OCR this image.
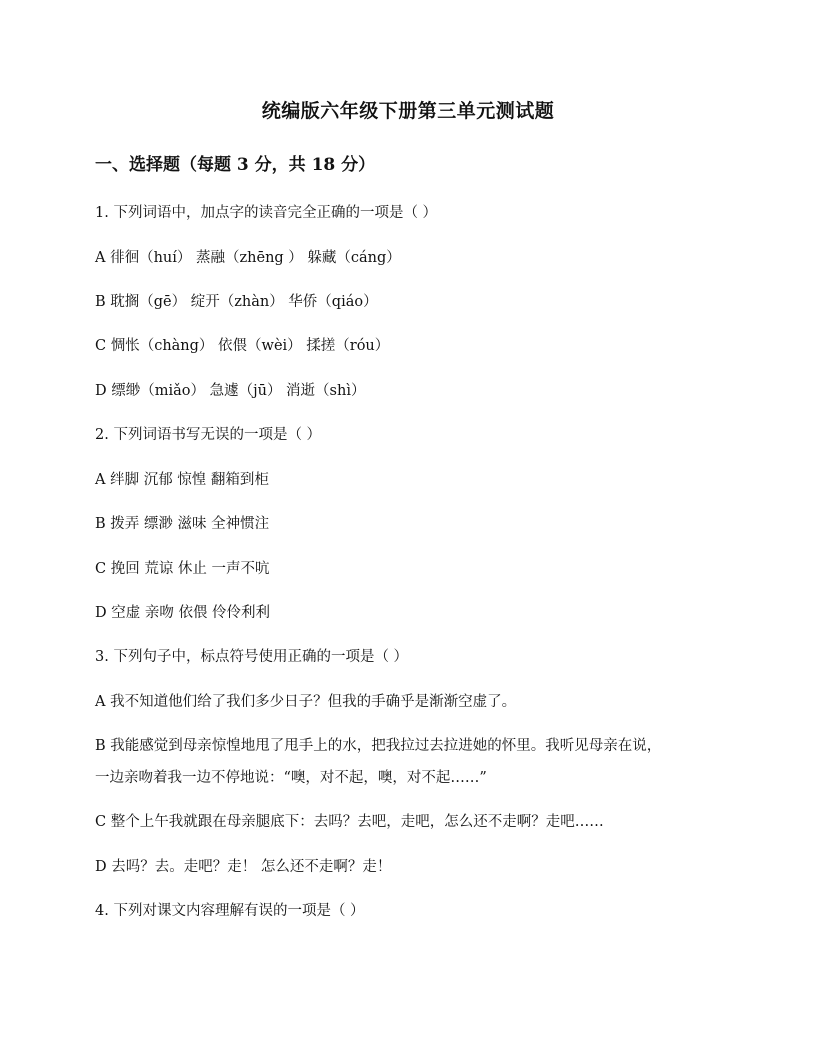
统编版六年级下册第三单元测试题
一、选择题（每题 3 分，共 18 分）
1. 下列词语中，加点字的读音完全正确的一项是（ ）
A 徘徊（huí） 蒸融（zhēng ） 躲藏（cáng）
B 耽搁（gē） 绽开（zhàn） 华侨（qiáo）
C 惆怅（chàng） 依偎（wèi） 揉搓（róu）
D 缥缈（miǎo） 急遽（jū） 消逝（shì）
2. 下列词语书写无误的一项是（ ）
A 绊脚 沉郁 惊惶 翻箱到柜
B 拨弄 缥渺 滋味 全神惯注
C 挽回 荒谅 休止 一声不吭
D 空虚 亲吻 依偎 伶伶利利
3. 下列句子中，标点符号使用正确的一项是（ ）
A 我不知道他们给了我们多少日子？但我的手确乎是渐渐空虚了。
B 我能感觉到母亲惊惶地甩了甩手上的水，把我拉过去拉进她的怀里。我听见母亲在说，
一边亲吻着我一边不停地说：“噢，对不起，噢，对不起……”
C 整个上午我就跟在母亲腿底下：去吗？去吧，走吧，怎么还不走啊？走吧……
D 去吗？去。走吧？走！ 怎么还不走啊？走！
4. 下列对课文内容理解有误的一项是（ ）
